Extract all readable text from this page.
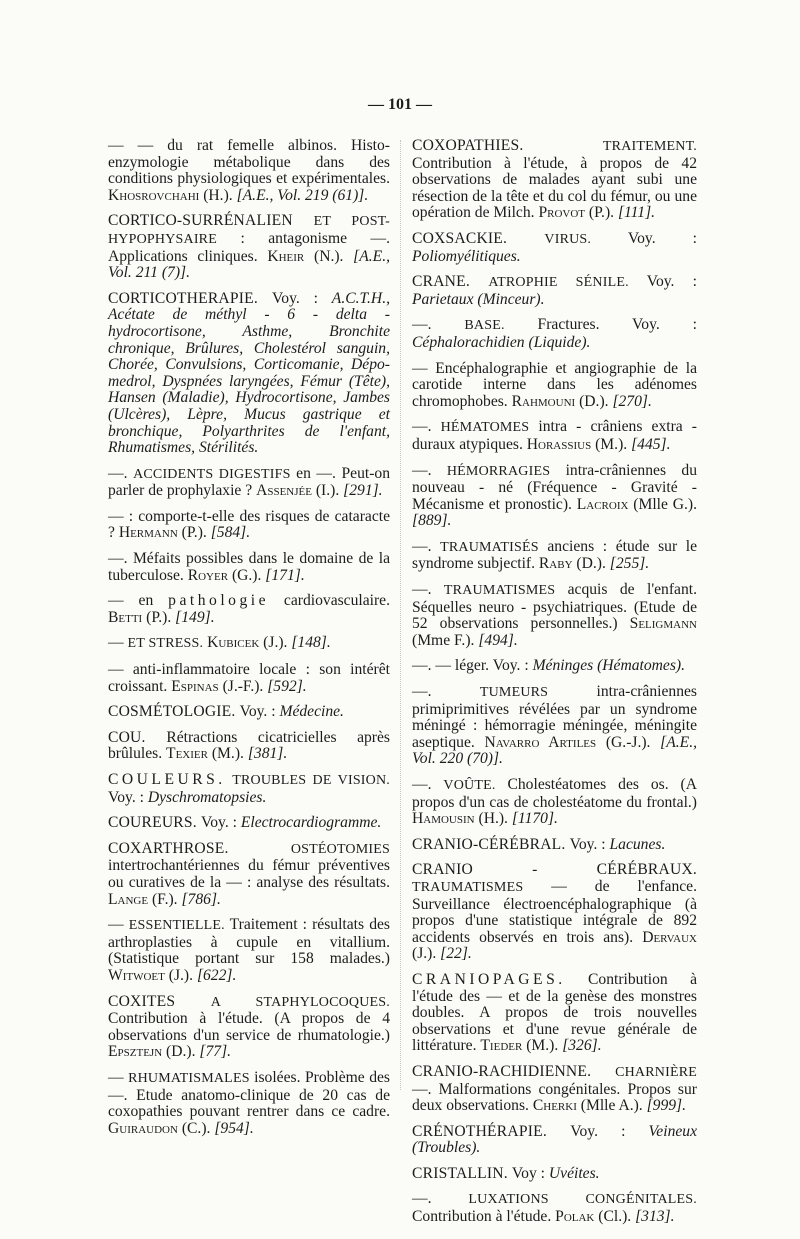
— 101 —

— — du rat femelle albinos. Histo-enzymologie métabolique dans des conditions physiologiques et expérimentales. Khosrovchahi (H.). [A.E., Vol. 219 (61)].

CORTICO-SURRÉNALIEN ET POST-HYPOPHYSAIRE : antagonisme —. Applications cliniques. Kheir (N.). [A.E., Vol. 211 (7)].

CORTICOTHERAPIE. Voy. : A.C.T.H., Acétate de méthyl - 6 - delta - hydrocortisone, Asthme, Bronchite chronique, Brûlures, Cholestérol sanguin, Chorée, Convulsions, Corticomanie, Dépo-medrol, Dyspnées laryngées, Fémur (Tête), Hansen (Maladie), Hydrocortisone, Jambes (Ulcères), Lèpre, Mucus gastrique et bronchique, Polyarthrites de l'enfant, Rhumatismes, Stérilités.

—. ACCIDENTS DIGESTIFS en —. Peut-on parler de prophylaxie ? Assenjée (I.). [291].

— : comporte-t-elle des risques de cataracte ? Hermann (P.). [584].

—. Méfaits possibles dans le domaine de la tuberculose. Royer (G.). [171].

— en pathologie cardiovasculaire. Betti (P.). [149].

— ET STRESS. Kubicek (J.). [148].

— anti-inflammatoire locale : son intérêt croissant. Espinas (J.-F.). [592].

COSMÉTOLOGIE. Voy. : Médecine.

COU. Rétractions cicatricielles après brûlules. Texier (M.). [381].

COULEURS. TROUBLES DE VISION. Voy. : Dyschromatopsies.

COUREURS. Voy. : Electrocardiogramme.

COXARTHROSE. OSTÉOTOMIES intertrochantériennes du fémur préventives ou curatives de la — : analyse des résultats. Lange (F.). [786].

— ESSENTIELLE. Traitement : résultats des arthroplasties à cupule en vitallium. (Statistique portant sur 158 malades.) Witwoet (J.). [622].

COXITES A STAPHYLOCOQUES. Contribution à l'étude. (A propos de 4 observations d'un service de rhumatologie.) Epsztejn (D.). [77].

— RHUMATISMALES isolées. Problème des —. Etude anatomo-clinique de 20 cas de coxopathies pouvant rentrer dans ce cadre. Guiraudon (C.). [954].

COXOPATHIES. TRAITEMENT. Contribution à l'étude, à propos de 42 observations de malades ayant subi une résection de la tête et du col du fémur, ou une opération de Milch. Provot (P.). [111].

COXSACKIE. VIRUS. Voy. : Poliomyélitiques.

CRANE. ATROPHIE SÉNILE. Voy. : Parietaux (Minceur).

—. BASE. Fractures. Voy. : Céphalorachidien (Liquide).

— Encéphalographie et angiographie de la carotide interne dans les adénomes chromophobes. Rahmouni (D.). [270].

—. HÉMATOMES intra - crâniens extra - duraux atypiques. Horassius (M.). [445].

—. HÉMORRAGIES intra-crâniennes du nouveau - né (Fréquence - Gravité - Mécanisme et pronostic). Lacroix (Mlle G.). [889].

—. TRAUMATISÉS anciens : étude sur le syndrome subjectif. Raby (D.). [255].

—. TRAUMATISMES acquis de l'enfant. Séquelles neuro - psychiatriques. (Etude de 52 observations personnelles.) Seligmann (Mme F.). [494].

—. — léger. Voy. : Méninges (Hématomes).

—. TUMEURS intra-crâniennes primiprimitives révélées par un syndrome méningé : hémorragie méningée, méningite aseptique. Navarro Artiles (G.-J.). [A.E., Vol. 220 (70)].

—. VOÛTE. Cholestéatomes des os. (A propos d'un cas de cholestéatome du frontal.) Hamousin (H.). [1170].

CRANIO-CÉRÉBRAL. Voy. : Lacunes.

CRANIO - CÉRÉBRAUX. TRAUMATISMES — de l'enfance. Surveillance électroencéphalographique (à propos d'une statistique intégrale de 892 accidents observés en trois ans). Dervaux (J.). [22].

CRANIOPAGES. Contribution à l'étude des — et de la genèse des monstres doubles. A propos de trois nouvelles observations et d'une revue générale de littérature. Tieder (M.). [326].

CRANIO-RACHIDIENNE. CHARNIÈRE —. Malformations congénitales. Propos sur deux observations. Cherki (Mlle A.). [999].

CRÉNOTHÉRAPIE. Voy. : Veineux (Troubles).

CRISTALLIN. Voy : Uvéites.

—. LUXATIONS CONGÉNITALES. Contribution à l'étude. Polak (Cl.). [313].
